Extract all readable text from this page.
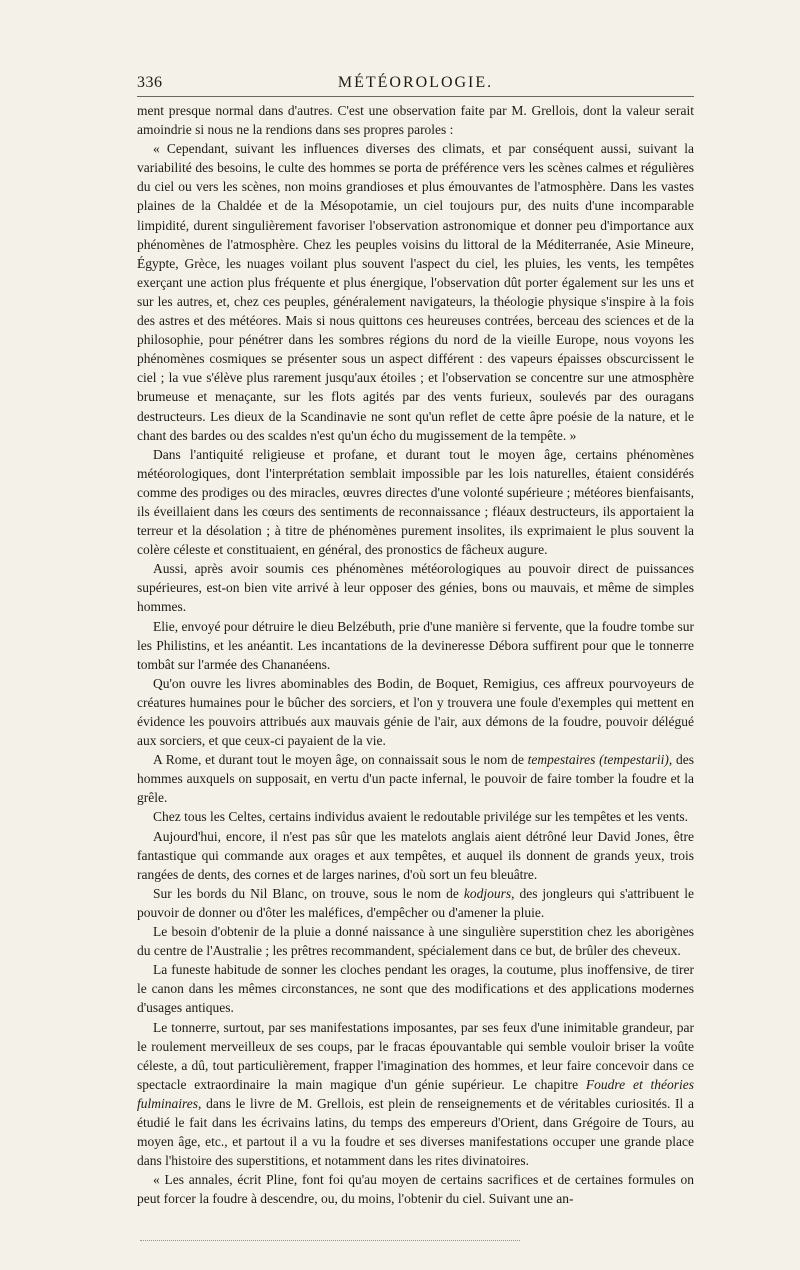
336	MÉTÉOROLOGIE.

ment presque normal dans d'autres. C'est une observation faite par M. Grellois, dont la valeur serait amoindrie si nous ne la rendions dans ses propres paroles :

« Cependant, suivant les influences diverses des climats, et par conséquent aussi, suivant la variabilité des besoins, le culte des hommes se porta de préférence vers les scènes calmes et régulières du ciel ou vers les scènes, non moins grandioses et plus émouvantes de l'atmosphère. Dans les vastes plaines de la Chaldée et de la Mésopotamie, un ciel toujours pur, des nuits d'une incomparable limpidité, durent singulièrement favoriser l'observation astronomique et donner peu d'importance aux phénomènes de l'atmosphère. Chez les peuples voisins du littoral de la Méditerranée, Asie Mineure, Égypte, Grèce, les nuages voilant plus souvent l'aspect du ciel, les pluies, les vents, les tempêtes exerçant une action plus fréquente et plus énergique, l'observation dût porter également sur les uns et sur les autres, et, chez ces peuples, généralement navigateurs, la théologie physique s'inspire à la fois des astres et des météores. Mais si nous quittons ces heureuses contrées, berceau des sciences et de la philosophie, pour pénétrer dans les sombres régions du nord de la vieille Europe, nous voyons les phénomènes cosmiques se présenter sous un aspect différent : des vapeurs épaisses obscurcissent le ciel ; la vue s'élève plus rarement jusqu'aux étoiles ; et l'observation se concentre sur une atmosphère brumeuse et menaçante, sur les flots agités par des vents furieux, soulevés par des ouragans destructeurs. Les dieux de la Scandinavie ne sont qu'un reflet de cette âpre poésie de la nature, et le chant des bardes ou des scaldes n'est qu'un écho du mugissement de la tempête. »

Dans l'antiquité religieuse et profane, et durant tout le moyen âge, certains phénomènes météorologiques, dont l'interprétation semblait impossible par les lois naturelles, étaient considérés comme des prodiges ou des miracles, œuvres directes d'une volonté supérieure ; météores bienfaisants, ils éveillaient dans les cœurs des sentiments de reconnaissance ; fléaux destructeurs, ils apportaient la terreur et la désolation ; à titre de phénomènes purement insolites, ils exprimaient le plus souvent la colère céleste et constituaient, en général, des pronostics de fâcheux augure.

Aussi, après avoir soumis ces phénomènes météorologiques au pouvoir direct de puissances supérieures, est-on bien vite arrivé à leur opposer des génies, bons ou mauvais, et même de simples hommes.

Elie, envoyé pour détruire le dieu Belzébuth, prie d'une manière si fervente, que la foudre tombe sur les Philistins, et les anéantit. Les incantations de la devineresse Débora suffirent pour que le tonnerre tombât sur l'armée des Chananéens.

Qu'on ouvre les livres abominables des Bodin, de Boquet, Remigius, ces affreux pourvoyeurs de créatures humaines pour le bûcher des sorciers, et l'on y trouvera une foule d'exemples qui mettent en évidence les pouvoirs attribués aux mauvais génie de l'air, aux démons de la foudre, pouvoir délégué aux sorciers, et que ceux-ci payaient de la vie.

A Rome, et durant tout le moyen âge, on connaissait sous le nom de tempestaires (tempestarii), des hommes auxquels on supposait, en vertu d'un pacte infernal, le pouvoir de faire tomber la foudre et la grêle.

Chez tous les Celtes, certains individus avaient le redoutable privilége sur les tempêtes et les vents.

Aujourd'hui, encore, il n'est pas sûr que les matelots anglais aient détrôné leur David Jones, être fantastique qui commande aux orages et aux tempêtes, et auquel ils donnent de grands yeux, trois rangées de dents, des cornes et de larges narines, d'où sort un feu bleuâtre.

Sur les bords du Nil Blanc, on trouve, sous le nom de kodjours, des jongleurs qui s'attribuent le pouvoir de donner ou d'ôter les maléfices, d'empêcher ou d'amener la pluie.

Le besoin d'obtenir de la pluie a donné naissance à une singulière superstition chez les aborigènes du centre de l'Australie ; les prêtres recommandent, spécialement dans ce but, de brûler des cheveux.

La funeste habitude de sonner les cloches pendant les orages, la coutume, plus inoffensive, de tirer le canon dans les mêmes circonstances, ne sont que des modifications et des applications modernes d'usages antiques.

Le tonnerre, surtout, par ses manifestations imposantes, par ses feux d'une inimitable grandeur, par le roulement merveilleux de ses coups, par le fracas épouvantable qui semble vouloir briser la voûte céleste, a dû, tout particulièrement, frapper l'imagination des hommes, et leur faire concevoir dans ce spectacle extraordinaire la main magique d'un génie supérieur. Le chapitre Foudre et théories fulminaires, dans le livre de M. Grellois, est plein de renseignements et de véritables curiosités. Il a étudié le fait dans les écrivains latins, du temps des empereurs d'Orient, dans Grégoire de Tours, au moyen âge, etc., et partout il a vu la foudre et ses diverses manifestations occuper une grande place dans l'histoire des superstitions, et notamment dans les rites divinatoires.

« Les annales, écrit Pline, font foi qu'au moyen de certains sacrifices et de certaines formules on peut forcer la foudre à descendre, ou, du moins, l'obtenir du ciel. Suivant une an-
